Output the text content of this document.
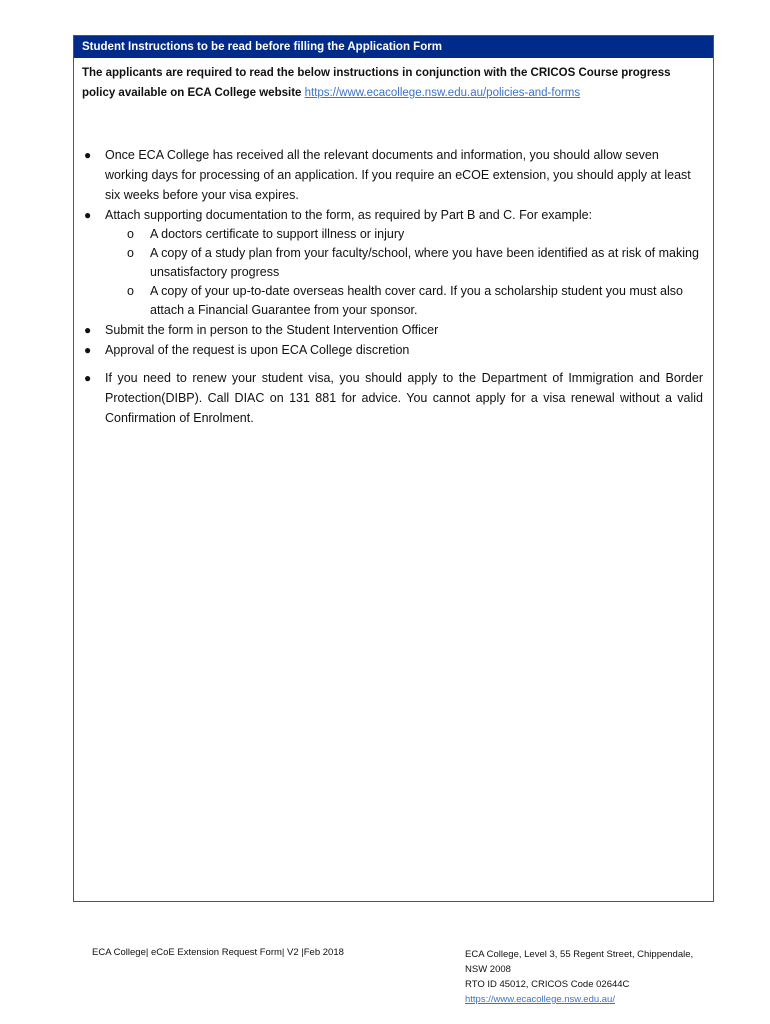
Student Instructions to be read before filling the Application Form
The applicants are required to read the below instructions in conjunction with the CRICOS Course progress policy available on ECA College website https://www.ecacollege.nsw.edu.au/policies-and-forms
● Once ECA College has received all the relevant documents and information, you should allow seven working days for processing of an application. If you require an eCOE extension, you should apply at least six weeks before your visa expires.
● Attach supporting documentation to the form, as required by Part B and C. For example:
o A doctors certificate to support illness or injury
o A copy of a study plan from your faculty/school, where you have been identified as at risk of making unsatisfactory progress
o A copy of your up-to-date overseas health cover card. If you a scholarship student you must also attach a Financial Guarantee from your sponsor.
● Submit the form in person to the Student Intervention Officer
● Approval of the request is upon ECA College discretion
● If you need to renew your student visa, you should apply to the Department of Immigration and Border Protection(DIBP). Call DIAC on 131 881 for advice. You cannot apply for a visa renewal without a valid Confirmation of Enrolment.
ECA College| eCoE Extension Request Form| V2 |Feb 2018	ECA College, Level 3, 55 Regent Street, Chippendale,
NSW 2008
RTO ID 45012, CRICOS Code 02644C
https://www.ecacollege.nsw.edu.au/
